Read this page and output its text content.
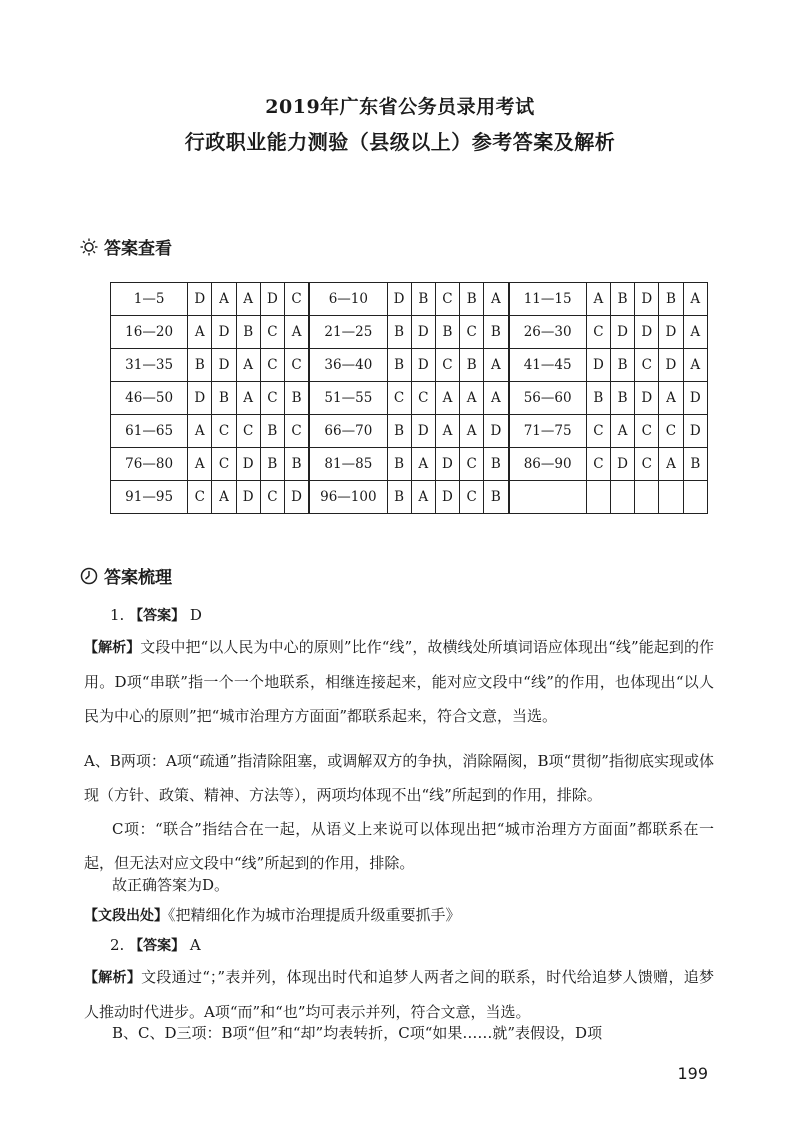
2019年广东省公务员录用考试
行政职业能力测验（县级以上）参考答案及解析
答案查看
1—5	D	A	A	D	C	6—10	D	B	C	B	A	11—15	A	B	D	B	A
16—20	A	D	B	C	A	21—25	B	D	B	C	B	26—30	C	D	D	D	A
31—35	B	D	A	C	C	36—40	B	D	C	B	A	41—45	D	B	C	D	A
46—50	D	B	A	C	B	51—55	C	C	A	A	A	56—60	B	B	D	A	D
61—65	A	C	C	B	C	66—70	B	D	A	A	D	71—75	C	A	C	C	D
76—80	A	C	D	B	B	81—85	B	A	D	C	B	86—90	C	D	C	A	B
91—95	C	A	D	C	D	96—100	B	A	D	C	B						
答案梳理
1. 【答案】 D
【解析】文段中把“以人民为中心的原则”比作“线”，故横线处所填词语应体现出“线”能起到的作用。D项“串联”指一个一个地联系，相继连接起来，能对应文段中“线”的作用，也体现出“以人民为中心的原则”把“城市治理方方面面”都联系起来，符合文意，当选。
A、B两项：A项“疏通”指清除阻塞，或调解双方的争执，消除隔阂，B项“贯彻”指彻底实现或体现（方针、政策、精神、方法等），两项均体现不出“线”所起到的作用，排除。
C项：“联合”指结合在一起，从语义上来说可以体现出把“城市治理方方面面”都联系在一起，但无法对应文段中“线”所起到的作用，排除。
故正确答案为D。
【文段出处】《把精细化作为城市治理提质升级重要抓手》
2. 【答案】 A
【解析】文段通过“；”表并列，体现出时代和追梦人两者之间的联系，时代给追梦人馈赠，追梦人推动时代进步。A项“而”和“也”均可表示并列，符合文意，当选。
B、C、D三项：B项“但”和“却”均表转折，C项“如果……就”表假设，D项
199
